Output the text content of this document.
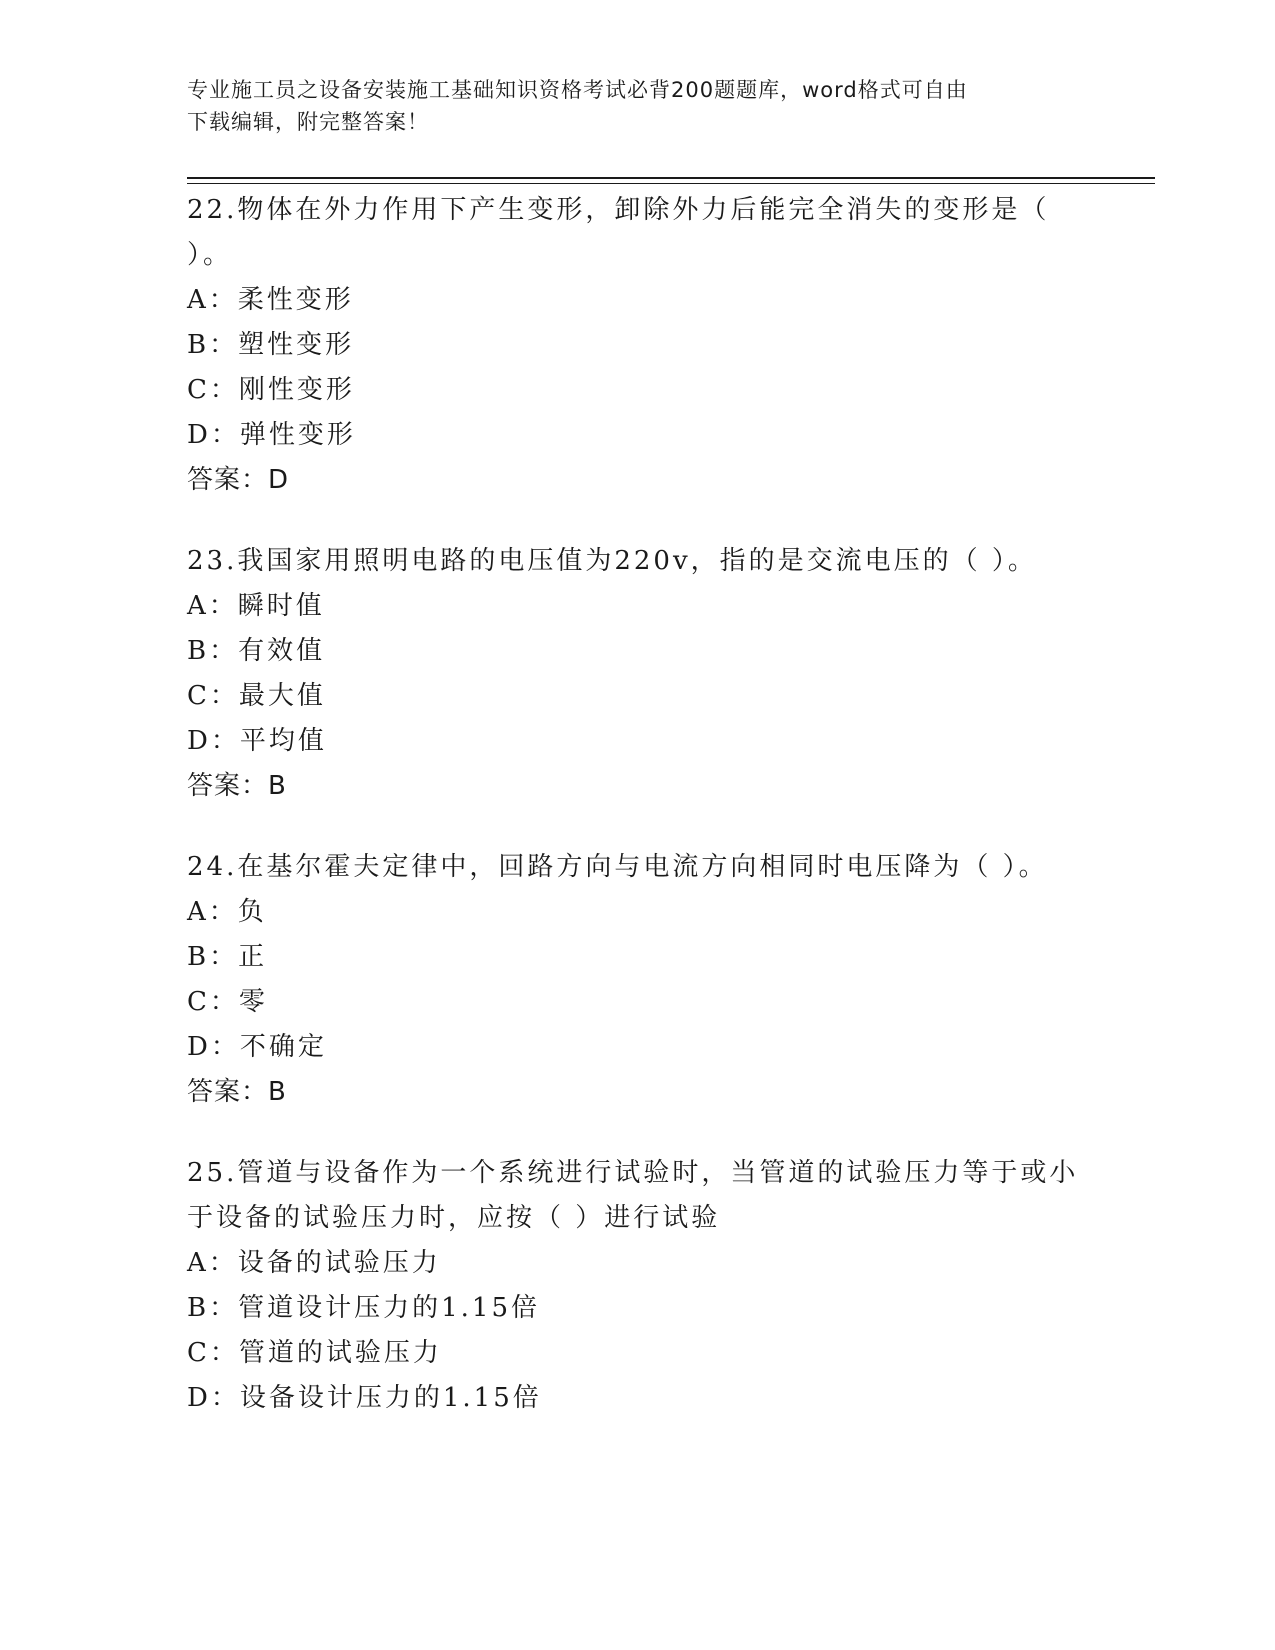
专业施工员之设备安装施工基础知识资格考试必背200题题库，word格式可自由
下载编辑，附完整答案！

22.物体在外力作用下产生变形，卸除外力后能完全消失的变形是（

）。

A：柔性变形

B：塑性变形

C：刚性变形

D：弹性变形

答案：D

23.我国家用照明电路的电压值为220v，指的是交流电压的（ ）。

A：瞬时值

B：有效值

C：最大值

D：平均值

答案：B

24.在基尔霍夫定律中，回路方向与电流方向相同时电压降为（ ）。

A：负

B：正

C：零

D：不确定

答案：B

25.管道与设备作为一个系统进行试验时，当管道的试验压力等于或小

于设备的试验压力时，应按（ ）进行试验

A：设备的试验压力

B：管道设计压力的1.15倍

C：管道的试验压力

D：设备设计压力的1.15倍
